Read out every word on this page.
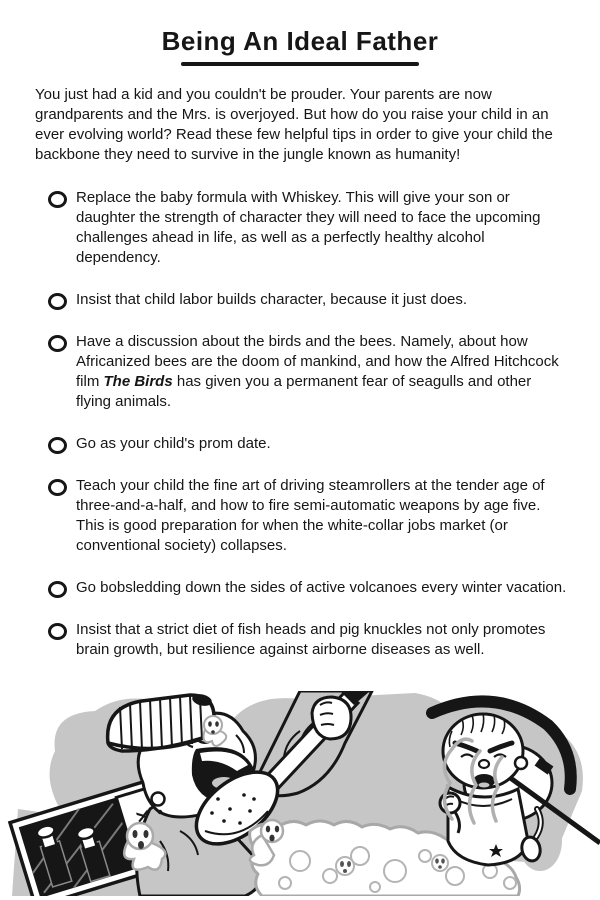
Being An Ideal Father

You just had a kid and you couldn't be prouder. Your parents are now grandparents and the Mrs. is overjoyed. But how do you raise your child in an ever evolving world? Read these few helpful tips in order to give your child the backbone they need to survive in the jungle known as humanity!

Replace the baby formula with Whiskey. This will give your son or daughter the strength of character they will need to face the upcoming challenges ahead in life, as well as a perfectly healthy alcohol dependency.
Insist that child labor builds character, because it just does.
Have a discussion about the birds and the bees. Namely, about how Africanized bees are the doom of mankind, and how the Alfred Hitchcock film The Birds has given you a permanent fear of seagulls and other flying animals.
Go as your child's prom date.
Teach your child the fine art of driving steamrollers at the tender age of three-and-a-half, and how to fire semi-automatic weapons by age five. This is good preparation for when the white-collar jobs market (or conventional society) collapses.
Go bobsledding down the sides of active volcanoes every winter vacation.
Insist that a strict diet of fish heads and pig knuckles not only promotes brain growth, but resilience against airborne diseases as well.
